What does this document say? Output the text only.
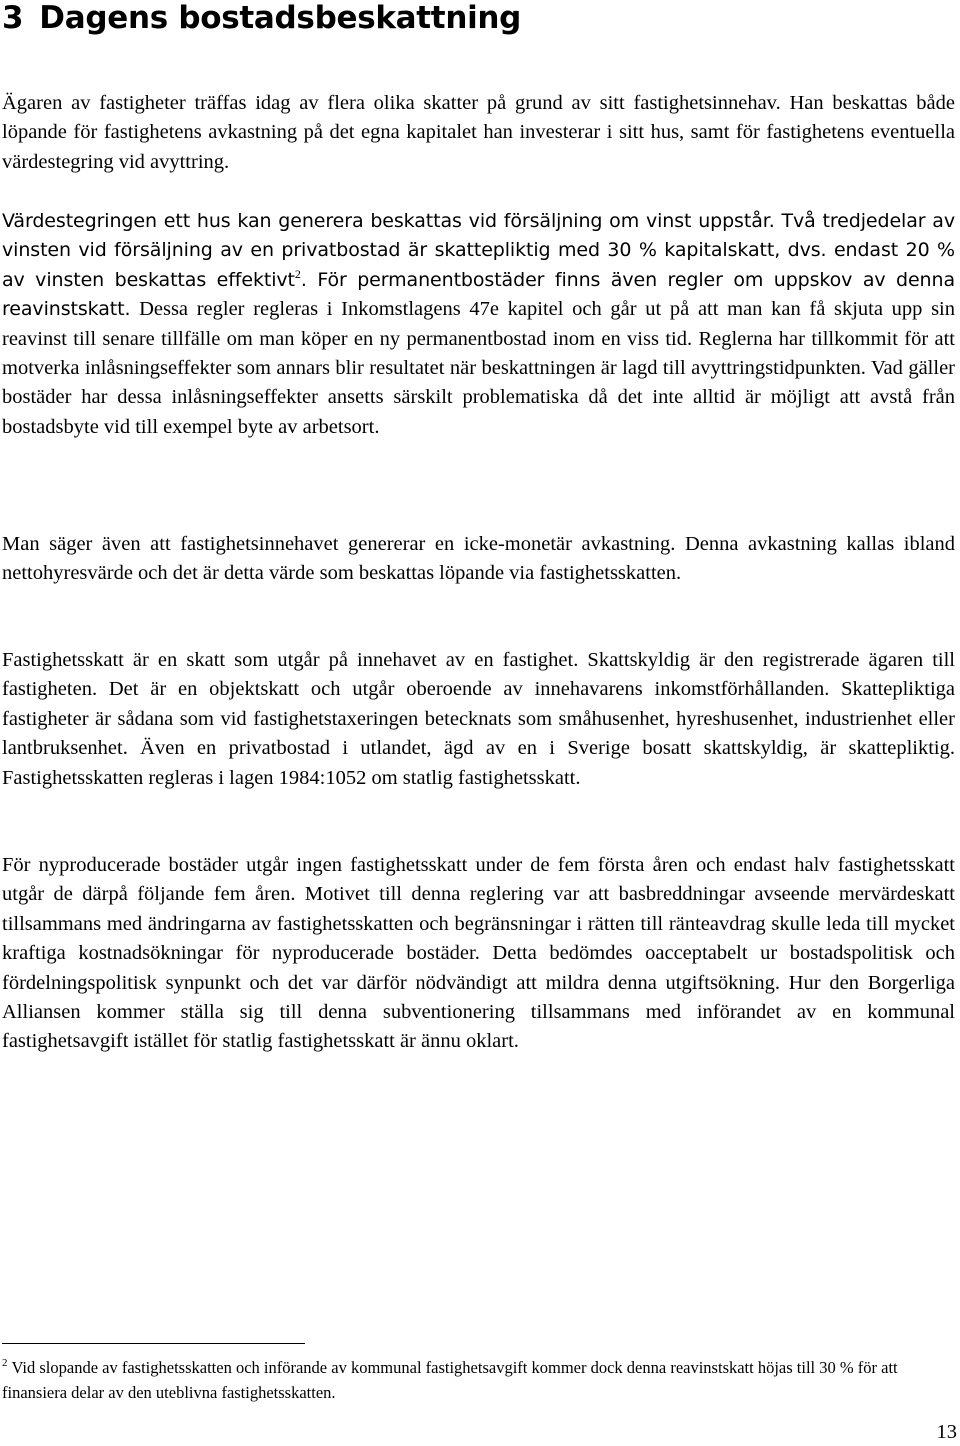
3 Dagens bostadsbeskattning

Ägaren av fastigheter träffas idag av flera olika skatter på grund av sitt fastighetsinnehav. Han beskattas både löpande för fastighetens avkastning på det egna kapitalet han investerar i sitt hus, samt för fastighetens eventuella värdestegring vid avyttring.

Värdestegringen ett hus kan generera beskattas vid försäljning om vinst uppstår. Två tredjedelar av vinsten vid försäljning av en privatbostad är skattepliktig med 30 % kapitalskatt, dvs. endast 20 % av vinsten beskattas effektivt$^2$. För permanentbostäder finns även regler om uppskov av denna reavinstskatt. Dessa regler regleras i Inkomstlagens 47e kapitel och går ut på att man kan få skjuta upp sin reavinst till senare tillfälle om man köper en ny permanentbostad inom en viss tid. Reglerna har tillkommit för att motverka inlåsningseffekter som annars blir resultatet när beskattningen är lagd till avyttringstidpunkten. Vad gäller bostäder har dessa inlåsningseffekter ansetts särskilt problematiska då det inte alltid är möjligt att avstå från bostadsbyte vid till exempel byte av arbetsort.

Man säger även att fastighetsinnehavet genererar en icke-monetär avkastning. Denna avkastning kallas ibland nettohyresvärde och det är detta värde som beskattas löpande via fastighetsskatten.

Fastighetsskatt är en skatt som utgår på innehavet av en fastighet. Skattskyldig är den registrerade ägaren till fastigheten. Det är en objektskatt och utgår oberoende av innehavarens inkomstförhållanden. Skattepliktiga fastigheter är sådana som vid fastighetstaxeringen betecknats som småhusenhet, hyreshusenhet, industrienhet eller lantbruksenhet. Även en privatbostad i utlandet, ägd av en i Sverige bosatt skattskyldig, är skattepliktig. Fastighetsskatten regleras i lagen 1984:1052 om statlig fastighetsskatt.

För nyproducerade bostäder utgår ingen fastighetsskatt under de fem första åren och endast halv fastighetsskatt utgår de därpå följande fem åren. Motivet till denna reglering var att basbreddningar avseende mervärdeskatt tillsammans med ändringarna av fastighetsskatten och begränsningar i rätten till ränteavdrag skulle leda till mycket kraftiga kostnadsökningar för nyproducerade bostäder. Detta bedömdes oacceptabelt ur bostadspolitisk och fördelningspolitisk synpunkt och det var därför nödvändigt att mildra denna utgiftsökning. Hur den Borgerliga Alliansen kommer ställa sig till denna subventionering tillsammans med införandet av en kommunal fastighetsavgift istället för statlig fastighetsskatt är ännu oklart.

$^2$ Vid slopande av fastighetsskatten och införande av kommunal fastighetsavgift kommer dock denna reavinstskatt höjas till 30 % för att finansiera delar av den uteblivna fastighetsskatten.

13
